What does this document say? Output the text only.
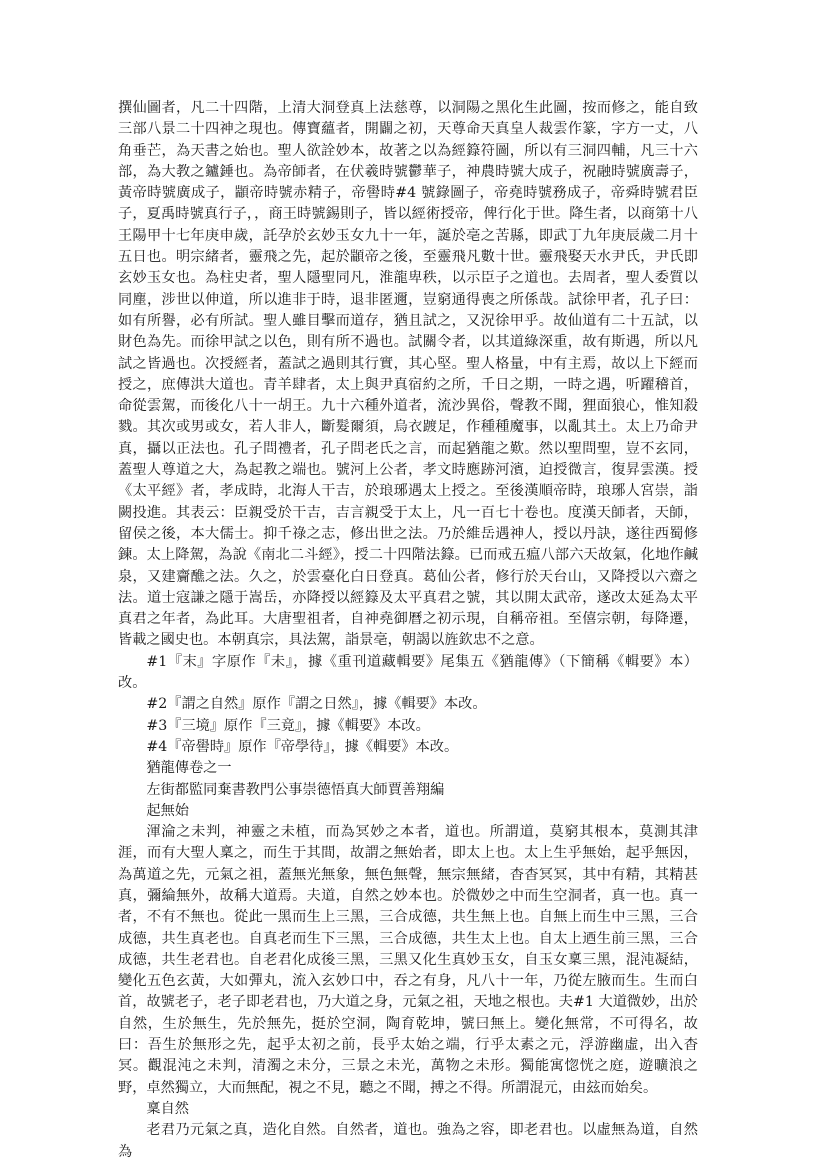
撰仙圖者，凡二十四階，上清大洞登真上法慈尊，以洞陽之黑化生此圖，按而修之，能自致三部八景二十四神之現也。傳寶蘊者，開闢之初，天尊命天真皇人裁雲作篆，字方一丈，八角垂芒，為天書之始也。聖人欲詮妙本，故著之以為經籙符圖，所以有三洞四輔，凡三十六部，為大教之鑪錘也。為帝師者，在伏羲時號鬱華子，神農時號大成子，祝融時號廣壽子，黃帝時號廣成子，顓帝時號赤精子，帝嚳時#4 號錄圖子，帝堯時號務成子，帝舜時號君臣子，夏禹時號真行子，，商王時號錫則子，皆以經術授帝，俾行化于世。降生者，以商第十八王陽甲十七年庚申歲，託孕於玄妙玉女九十一年，誕於亳之苦縣，即武丁九年庚辰歲二月十五日也。明宗緒者，靈飛之先，起於顓帝之後，至靈飛凡數十世。靈飛娶天水尹氏，尹氏即玄妙玉女也。為柱史者，聖人隱聖同凡，淮龍卑秩，以示臣子之道也。去周者，聖人委質以同塵，涉世以伸道，所以進非于時，退非匿邇，豈窮通得喪之所係哉。試徐甲者，孔子曰：如有所譽，必有所試。聖人雖目擊而道存，猶且試之，又況徐甲乎。故仙道有二十五試，以財色為先。而徐甲試之以色，則有所不過也。試關令者，以其道綠深重，故有斯遇，所以凡試之皆過也。次授經者，蓋試之過則其行實，其心堅。聖人格量，中有主焉，故以上下經而授之，庶傳洪大道也。青羊肆者，太上與尹真宿約之所，千日之期，一時之遇，听躍稽首，命從雲駕，而後化八十一胡王。九十六種外道者，流沙異俗，聲教不聞，狸面狼心，惟知殺戮。其次或男或女，若人非人，斷髮爾須，烏衣踱足，作種種魔事，以亂其土。太上乃命尹真，攝以正法也。孔子問禮者，孔子問老氏之言，而起猶龍之歎。然以聖問聖，豈不玄同，蓋聖人尊道之大，為起教之端也。號河上公者，孝文時應跡河濱，迫授微言，復昇雲漢。授《太平經》者，孝成時，北海人干吉，於琅琊遇太上授之。至後漢順帝時，琅琊人宮崇，詣闕投進。其表云：臣親受於干吉，吉言親受于太上，凡一百七十卷也。度漢天師者，天師，留侯之後，本大儒士。抑千祿之志，修出世之法。乃於維岳遇神人，授以丹訣，遂往西蜀修鍊。太上降駕，為說《南北二斗經》，授二十四階法籙。已而戒五瘟八部六天故氣，化地作鹹泉，又建齎醮之法。久之，於雲臺化白日登真。葛仙公者，修行於天台山，又降授以六齋之法。道士寇謙之隱于嵩岳，亦降授以經籙及太平真君之號，其以開太武帝，遂改太延為太平真君之年者，為此耳。大唐聖祖者，自神堯御曆之初示現，自稱帝祖。至僖宗朝，每降遷，皆載之國史也。本朝真宗，具法駕，詣景亳，朝謁以旌欽忠不之意。

#1『末』字原作『未』，據《重刊道藏輯要》尾集五《猶龍傳》（下簡稱《輯要》本）改。

#2『謂之自然』原作『謂之日然』，據《輯要》本改。

#3『三境』原作『三竟』，據《輯要》本改。

#4『帝嚳時』原作『帝學待』，據《輯要》本改。

猶龍傳卷之一

左街都監同棄書教門公事崇德悟真大師賈善翔編

起無始

渾淪之未判，神靈之未植，而為冥妙之本者，道也。所謂道，莫窮其根本，莫測其津涯，而有大聖人稟之，而生于其間，故謂之無始者，即太上也。太上生乎無始，起乎無因，為萬道之先，元氣之祖，蓋無光無象，無色無聲，無宗無緒，杳杳冥冥，其中有精，其精甚真，彌綸無外，故稱大道焉。夫道，自然之妙本也。於微妙之中而生空洞者，真一也。真一者，不有不無也。從此一黑而生上三黑，三合成德，共生無上也。自無上而生中三黑，三合成德，共生真老也。自真老而生下三黑，三合成德，共生太上也。自太上迺生前三黑，三合成德，共生老君也。自老君化成後三黑，三黑又化生真妙玉女，自玉女稟三黑，混沌凝結，變化五色玄黃，大如彈丸，流入玄妙口中，吞之有身，凡八十一年，乃從左腋而生。生而白首，故號老子，老子即老君也，乃大道之身，元氣之祖，天地之根也。夫#1 大道微妙，出於自然，生於無生，先於無先，挺於空洞，陶育乾坤，號曰無上。變化無常，不可得名，故曰：吾生於無形之先，起乎太初之前，長乎太始之端，行乎太素之元，浮游幽虛，出入杳冥。觀混沌之未判，清濁之未分，三景之未光，萬物之未形。獨能寓惚恍之庭，遊曠浪之野，卓然獨立，大而無配，視之不見，聽之不聞，搏之不得。所謂混元，由玆而始矣。

稟自然

老君乃元氣之真，造化自然。自然者，道也。強為之容，即老君也。以虛無為道，自然為
